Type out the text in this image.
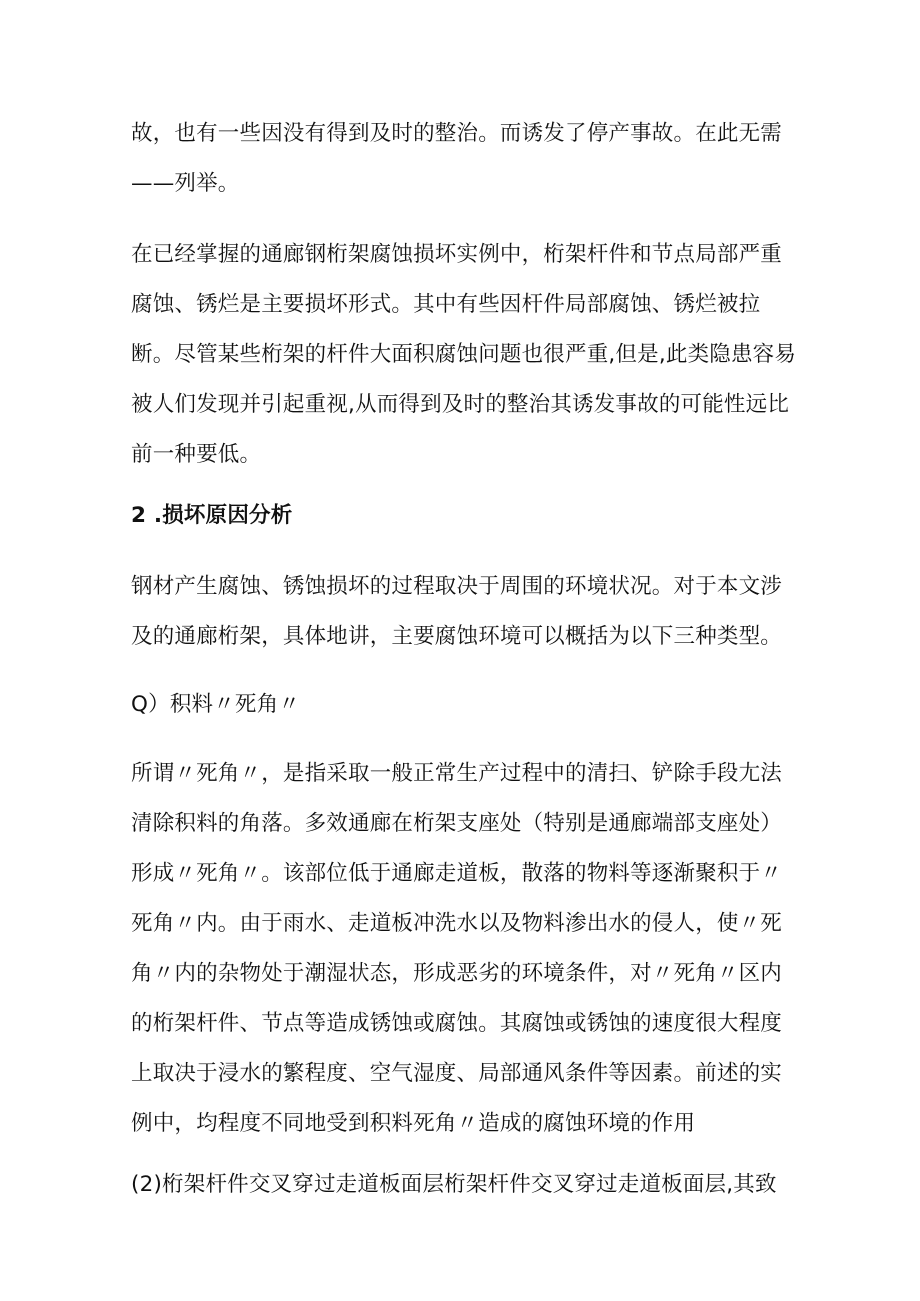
故，也有一些因没有得到及时的整治。而诱发了停产事故。在此无需
——列举。
在已经掌握的通廊钢桁架腐蚀损坏实例中，桁架杆件和节点局部严重
腐蚀、锈烂是主要损坏形式。其中有些因杆件局部腐蚀、锈烂被拉
断。尽管某些桁架的杆件大面积腐蚀问题也很严重,但是,此类隐患容易
被人们发现并引起重视,从而得到及时的整治其诱发事故的可能性远比
前一种要低。
2 .损坏原因分析
钢材产生腐蚀、锈蚀损坏的过程取决于周围的环境状况。对于本文涉
及的通廊桁架，具体地讲，主要腐蚀环境可以概括为以下三种类型。
Q）积料〃死角〃
所谓〃死角〃，是指采取一般正常生产过程中的清扫、铲除手段尢法
清除积料的角落。多效通廊在桁架支座处（特别是通廊端部支座处）
形成〃死角〃。该部位低于通廊走道板，散落的物料等逐渐聚积于〃
死角〃内。由于雨水、走道板冲洗水以及物料渗出水的侵人，使〃死
角〃内的杂物处于潮湿状态，形成恶劣的环境条件，对〃死角〃区内
的桁架杆件、节点等造成锈蚀或腐蚀。其腐蚀或锈蚀的速度很大程度
上取决于浸水的繁程度、空气湿度、局部通风条件等因素。前述的实
例中，均程度不同地受到积料死角〃造成的腐蚀环境的作用
(2)桁架杆件交叉穿过走道板面层桁架杆件交叉穿过走道板面层,其致
